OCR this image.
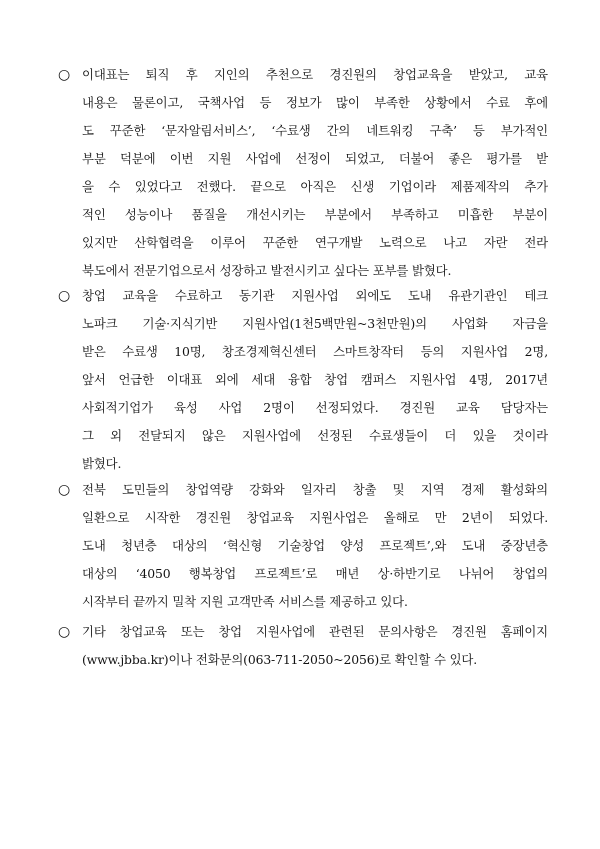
○ 이대표는 퇴직 후 지인의 추천으로 경진원의 창업교육을 받았고, 교육
내용은 물론이고, 국책사업 등 정보가 많이 부족한 상황에서 수료 후에
도 꾸준한 ‘문자알림서비스’, ‘수료생 간의 네트워킹 구축’ 등 부가적인
부분 덕분에 이번 지원 사업에 선정이 되었고, 더불어 좋은 평가를 받
을 수 있었다고 전했다. 끝으로 아직은 신생 기업이라 제품제작의 추가
적인 성능이나 품질을 개선시키는 부분에서 부족하고 미흡한 부분이
있지만 산학협력을 이루어 꾸준한 연구개발 노력으로 나고 자란 전라
북도에서 전문기업으로서 성장하고 발전시키고 싶다는 포부를 밝혔다.
○ 창업 교육을 수료하고 동기관 지원사업 외에도 도내 유관기관인 테크
노파크 기술·지식기반 지원사업(1천5백만원~3천만원)의 사업화 자금을
받은 수료생 10명, 창조경제혁신센터 스마트창작터 등의 지원사업 2명,
앞서 언급한 이대표 외에 세대 융합 창업 캠퍼스 지원사업 4명, 2017년
사회적기업가 육성 사업 2명이 선정되었다. 경진원 교육 담당자는
그 외 전달되지 않은 지원사업에 선정된 수료생들이 더 있을 것이라
밝혔다.
○ 전북 도민들의 창업역량 강화와 일자리 창출 및 지역 경제 활성화의
일환으로 시작한 경진원 창업교육 지원사업은 올해로 만 2년이 되었다.
도내 청년층 대상의 ‘혁신형 기술창업 양성 프로젝트’,와 도내 중장년층
대상의 ‘4050 행복창업 프로젝트’로 매년 상·하반기로 나뉘어 창업의
시작부터 끝까지 밀착 지원 고객만족 서비스를 제공하고 있다.
○ 기타 창업교육 또는 창업 지원사업에 관련된 문의사항은 경진원 홈페이지
(www.jbba.kr)이나 전화문의(063-711-2050~2056)로 확인할 수 있다.
